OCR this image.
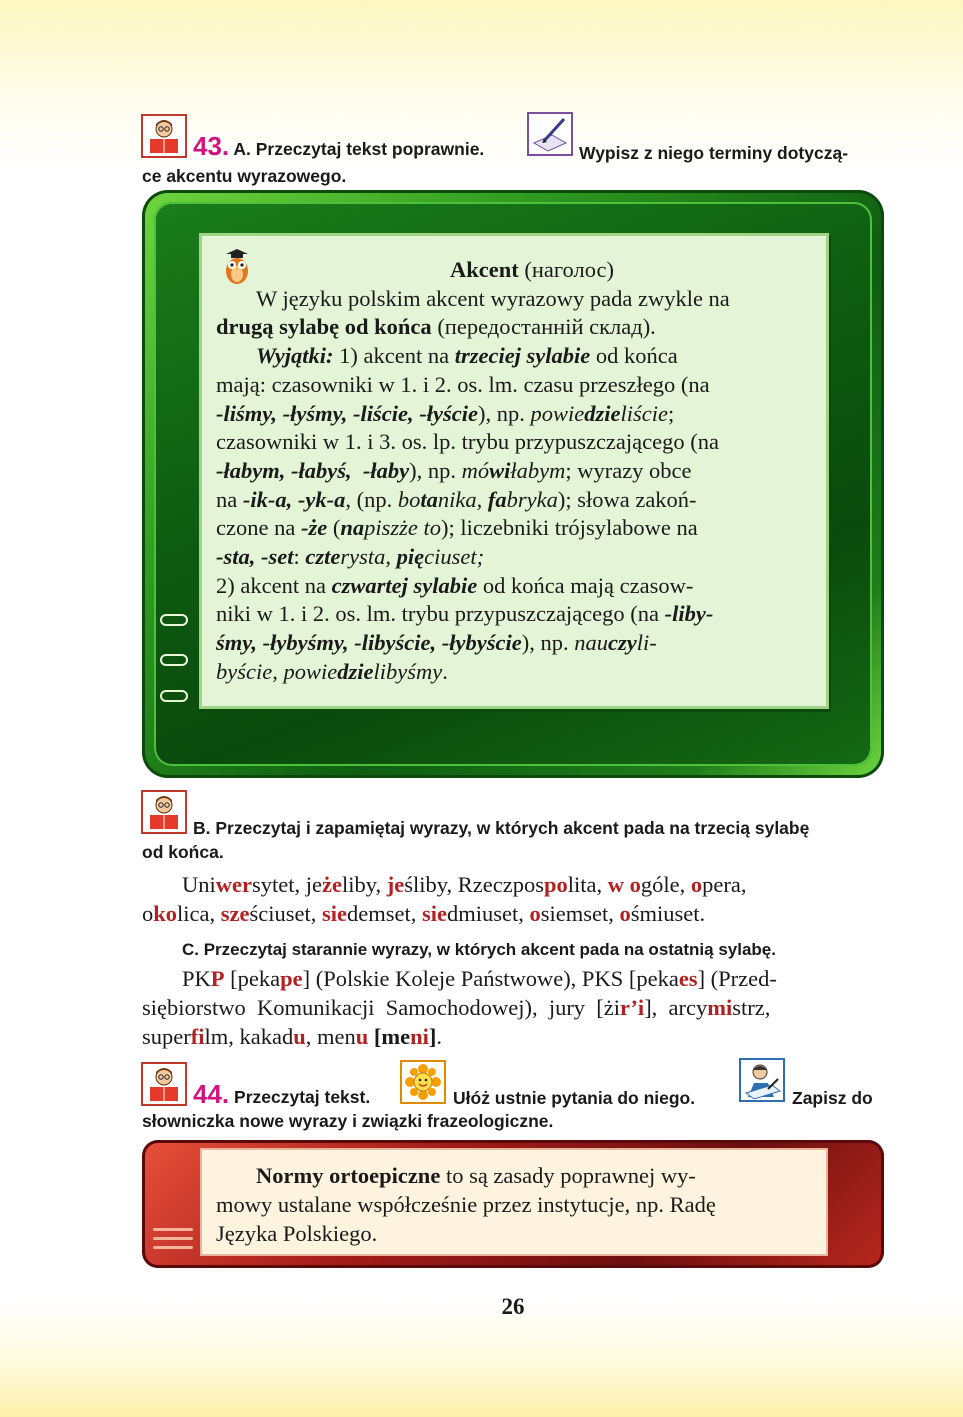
43. A. Przeczytaj tekst poprawnie.	Wypisz z niego terminy dotyczą-
ce akcentu wyrazowego.

Akcent (наголос)

W języku polskim akcent wyrazowy pada zwykle na

drugą sylabę od końca (передостанній склад).

Wyjątki: 1) akcent na trzeciej sylabie od końca

mają: czasowniki w 1. i 2. os. lm. czasu przeszłego (na

-liśmy, -łyśmy, -liście, -łyście), np. powiedzieliście;

czasowniki w 1. i 3. os. lp. trybu przypuszczającego (na

-łabym, -łabyś,  -łaby), np. mówiłabym; wyrazy obce

na -ik-a, -yk-a, (np. botanika, fabryka); słowa zakoń-

czone na -że (napiszże to); liczebniki trójsylabowe na

-sta, -set: czterysta, pięciuset;

2) akcent na czwartej sylabie od końca mają czasow-

niki w 1. i 2. os. lm. trybu przypuszczającego (na -liby-

śmy, -łybyśmy, -libyście, -łybyście), np. nauczyli-

byście, powiedzielibyśmy.

B. Przeczytaj i zapamiętaj wyrazy, w których akcent pada na trzecią sylabę
od końca.

Uniwersytet, jeżeliby, jeśliby, Rzeczpospolita, w ogóle, opera,

okolica, sześciuset, siedemset, siedmiuset, osiemset, ośmiuset.

C. Przeczytaj starannie wyrazy, w których akcent pada na ostatnią sylabę.

PKP [pekape] (Polskie Koleje Państwowe), PKS [pekaes] (Przed-

siębiorstwo  Komunikacji  Samochodowej),  jury  [żir’i],  arcymistrz,

superfilm, kakadu, menu [meni].

44. Przeczytaj tekst.	Ułóż ustnie pytania do niego.	Zapisz do
słowniczka nowe wyrazy i związki frazeologiczne.

Normy ortoepiczne to są zasady poprawnej wy-

mowy ustalane współcześnie przez instytucje, np. Radę

Języka Polskiego.

26
